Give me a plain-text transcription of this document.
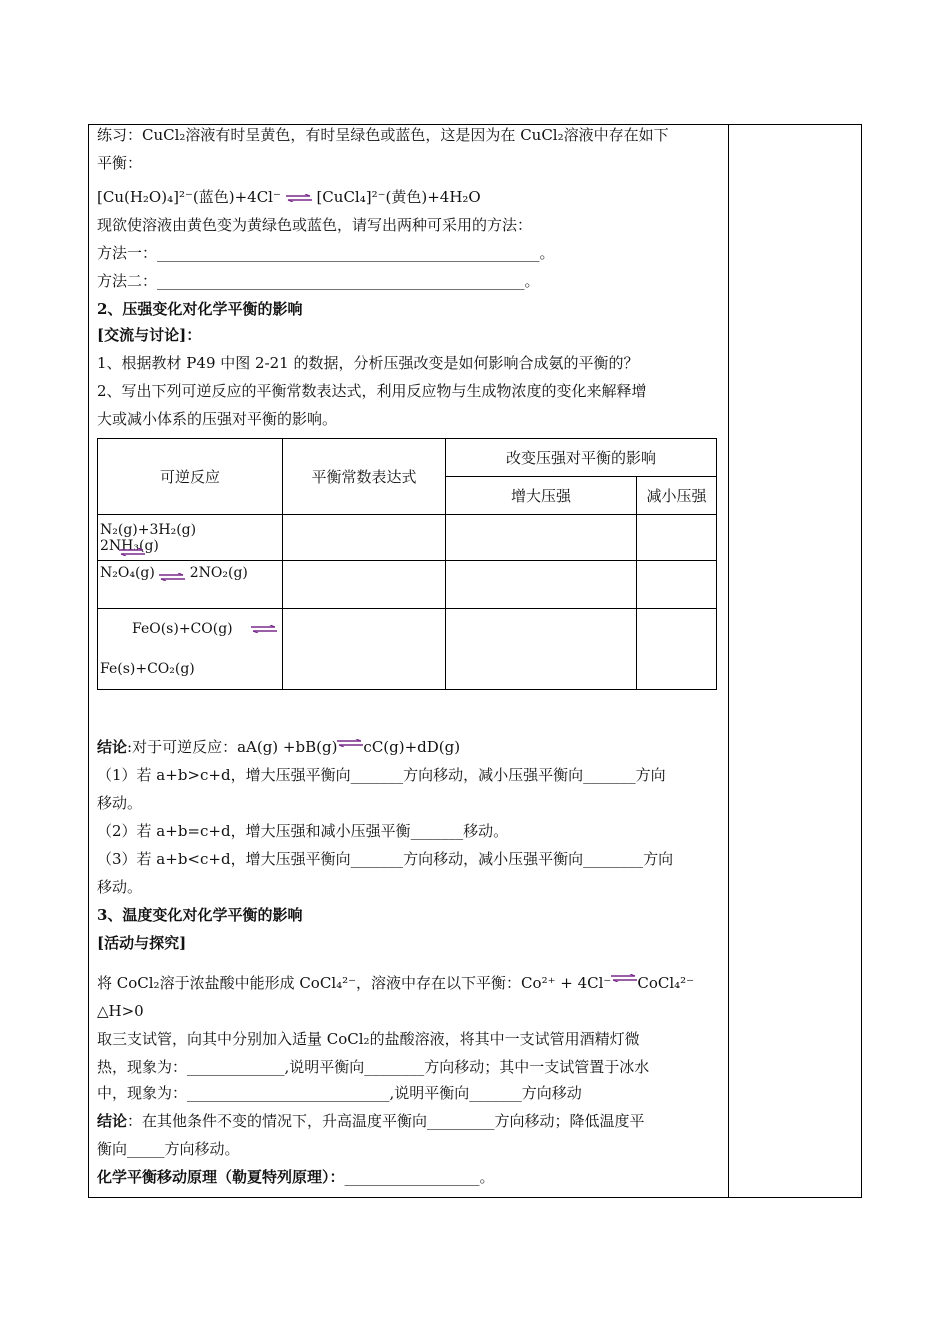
练习：CuCl₂溶液有时呈黄色，有时呈绿色或蓝色，这是因为在 CuCl₂溶液中存在如下
平衡：
[Cu(H₂O)₄]²⁻(蓝色)+4Cl⁻ ⇌ [CuCl₄]²⁻(黄色)+4H₂O
现欲使溶液由黄色变为黄绿色或蓝色，请写出两种可采用的方法：
方法一：___________________________________________________。
方法二：_________________________________________________。
2、压强变化对化学平衡的影响
[交流与讨论]：
1、根据教材 P49 中图 2-21 的数据，分析压强改变是如何影响合成氨的平衡的？
2、写出下列可逆反应的平衡常数表达式，利用反应物与生成物浓度的变化来解释增
大或减小体系的压强对平衡的影响。
可逆反应	平衡常数表达式	改变压强对平衡的影响	
		增大压强	减小压强
N₂(g)+3H₂(g)  2NH₃(g)

N₂O₄(g) ⇌ 2NO₂(g)			

FeO(s)+CO(g) ⇌
Fe(s)+CO₂(g)			

结论:对于可逆反应：aA(g) +bB(g)⇌cC(g)+dD(g)
（1）若 a+b>c+d，增大压强平衡向_______方向移动，减小压强平衡向_______方向
移动。
（2）若 a+b=c+d，增大压强和减小压强平衡_______移动。
（3）若 a+b<c+d，增大压强平衡向_______方向移动，减小压强平衡向________方向
移动。
3、温度变化对化学平衡的影响
[活动与探究]
将 CoCl₂溶于浓盐酸中能形成 CoCl₄²⁻，溶液中存在以下平衡：Co²⁺ + 4Cl⁻⇌CoCl₄²⁻
△H>0
取三支试管，向其中分别加入适量 CoCl₂的盐酸溶液，将其中一支试管用酒精灯微
热，现象为：_____________,说明平衡向________方向移动；其中一支试管置于冰水
中，现象为：___________________________,说明平衡向_______方向移动
结论：在其他条件不变的情况下，升高温度平衡向_________方向移动；降低温度平
衡向_____方向移动。
化学平衡移动原理（勒夏特列原理）：__________________。
